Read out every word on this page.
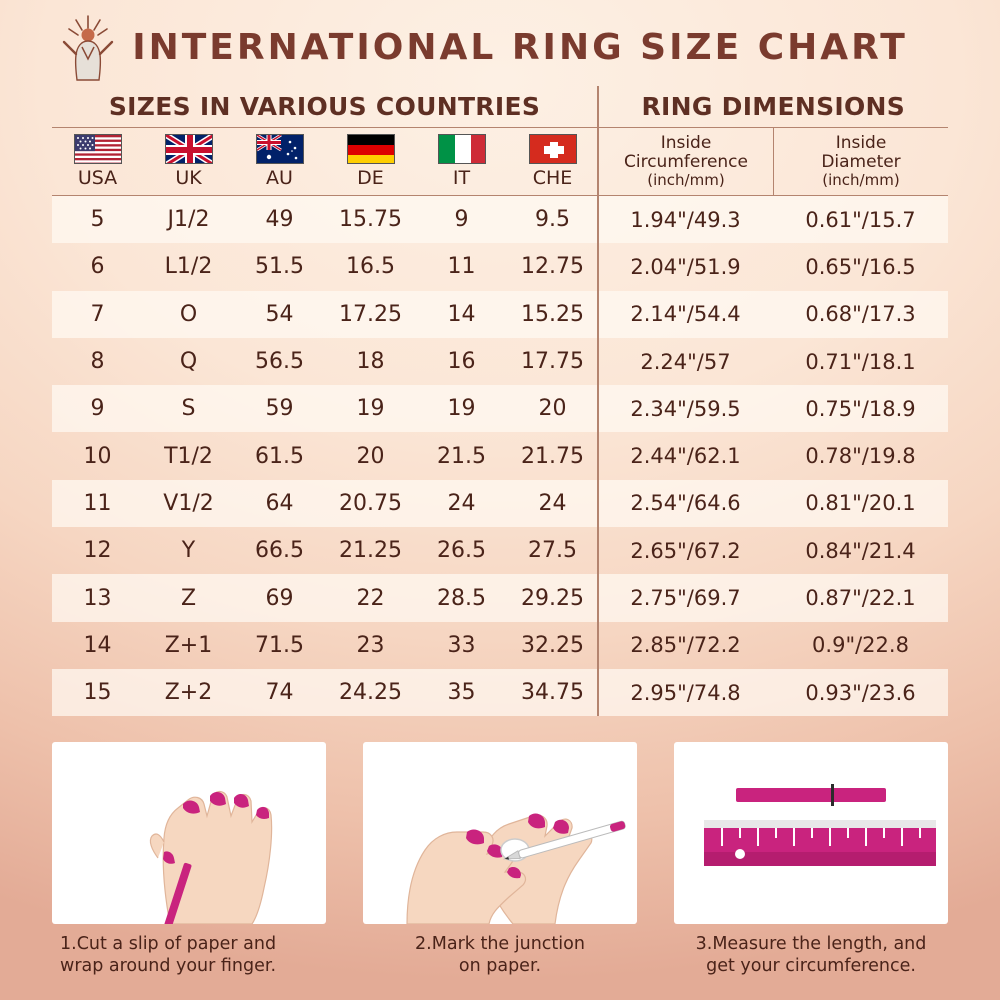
INTERNATIONAL RING SIZE CHART
SIZES IN VARIOUS COUNTRIES	RING DIMENSIONS
USA	UK	AU	DE	IT	CHE
Inside
Circumference
(inch/mm)
Inside
Diameter
(inch/mm)
5	J1/2	49	15.75	9	9.5	1.94"/49.3	0.61"/15.7
6	L1/2	51.5	16.5	11	12.75	2.04"/51.9	0.65"/16.5
7	O	54	17.25	14	15.25	2.14"/54.4	0.68"/17.3
8	Q	56.5	18	16	17.75	2.24"/57	0.71"/18.1
9	S	59	19	19	20	2.34"/59.5	0.75"/18.9
10	T1/2	61.5	20	21.5	21.75	2.44"/62.1	0.78"/19.8
11	V1/2	64	20.75	24	24	2.54"/64.6	0.81"/20.1
12	Y	66.5	21.25	26.5	27.5	2.65"/67.2	0.84"/21.4
13	Z	69	22	28.5	29.25	2.75"/69.7	0.87"/22.1
14	Z+1	71.5	23	33	32.25	2.85"/72.2	0.9"/22.8
15	Z+2	74	24.25	35	34.75	2.95"/74.8	0.93"/23.6
1.Cut a slip of paper and
wrap around your finger.
2.Mark the junction
on paper.
3.Measure the length, and
get your circumference.
